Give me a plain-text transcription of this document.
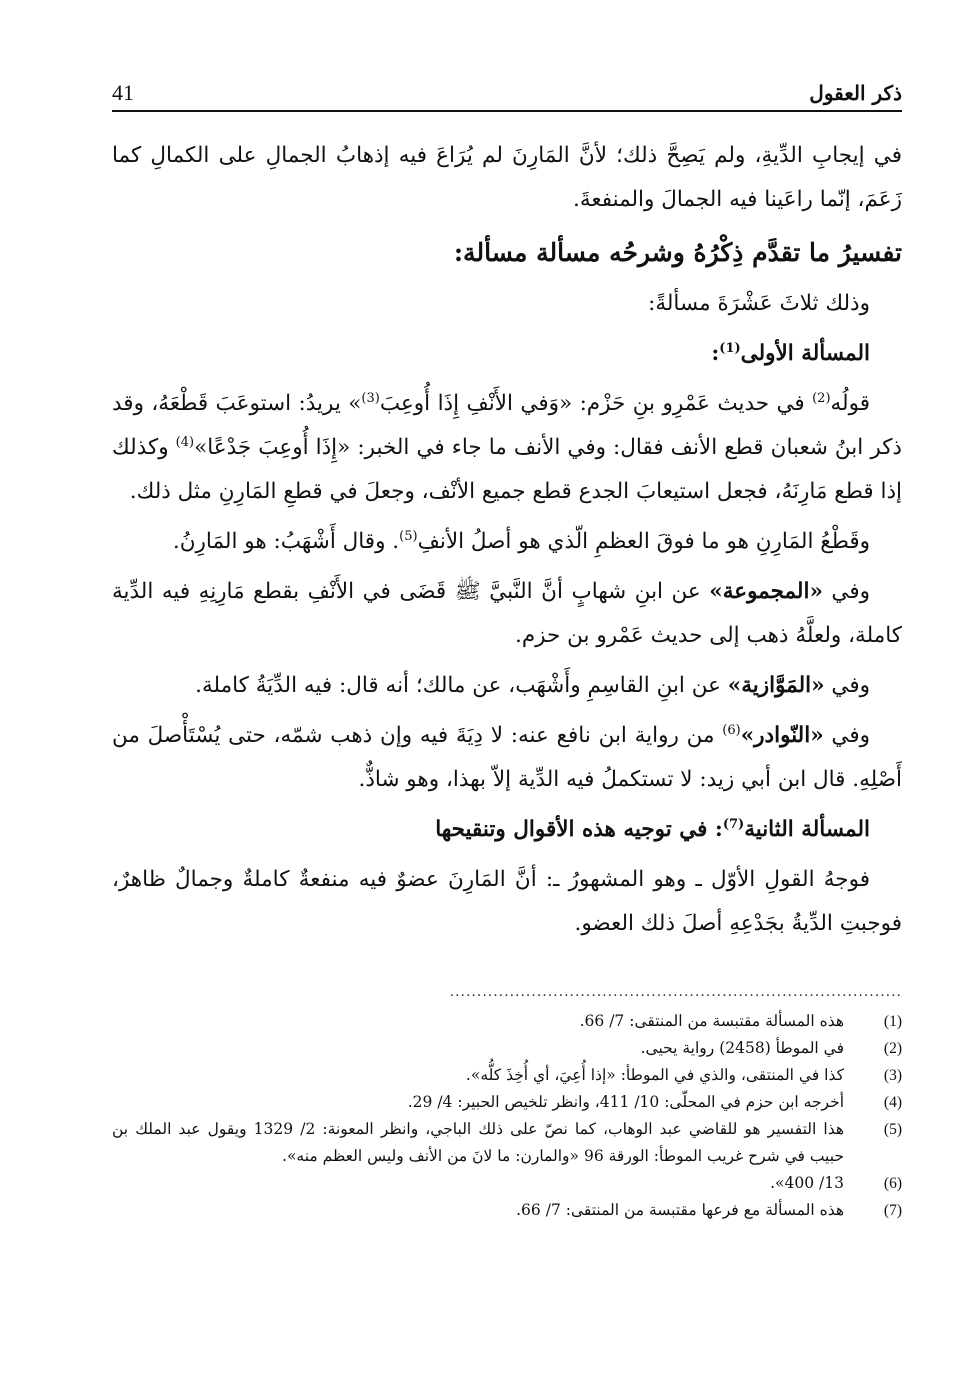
41	ذكر العقول

في إيجابِ الدِّيةِ، ولم يَصِحَّ ذلك؛ لأنَّ المَارِنَ لم يُرَاعَ فيه إذهابُ الجمالِ على الكمالِ كما زَعَمَ، إنّما راعَينا فيه الجمالَ والمنفعةَ.

تفسيرُ ما تقدَّم ذِكْرُهُ وشرحُه مسألة مسألة:

وذلك ثلاثَ عَشْرَةَ مسألةً:

المسألة الأولى$^{(1)}$:

قولُه$^{(2)}$ في حديث عَمْرِو بنِ حَزْم: «وَفي الأَنْفِ إِذَا أُوعِبَ$^{(3)}$» يريدُ: استوعَبَ قَطْعَهُ، وقد ذكر ابنُ شعبان قطع الأنف فقال: وفي الأنف ما جاء في الخبر: «إِذَا أُوعِبَ جَدْعًا»$^{(4)}$ وكذلك إذا قطع مَارِنَهُ، فجعل استيعابَ الجدع قطع جميع الأنْف، وجعلَ في قطعِ المَارِنِ مثل ذلك.

وقَطْعُ المَارِنِ هو ما فوقَ العظمِ الّذي هو أصلُ الأنفِ$^{(5)}$. وقال أَشْهَبُ: هو المَارِنُ.

وفي «المجموعة» عن ابنِ شهابٍ أنَّ النَّبيَّ ﷺ قَضَى في الأَنْفِ بقطع مَارِنِهِ فيه الدِّية كاملة، ولعلَّهُ ذهب إلى حديث عَمْرو بن حزم.

وفي «المَوَّازية» عن ابنِ القاسِمِ وأَشْهَب، عن مالك؛ أنه قال: فيه الدِّيَةُ كاملة.

وفي «النّوادر»$^{(6)}$ من رواية ابن نافع عنه: لا دِيَةَ فيه وإن ذهب شمّه، حتى يُسْتَأْصلَ من أَصْلِهِ. قال ابن أبي زيد: لا تستكملُ فيه الدِّية إلاّ بهذا، وهو شاذٌّ.

المسألة الثانية$^{(7)}$: في توجيه هذه الأقوال وتنقيحها

فوجهُ القولِ الأوّل ـ وهو المشهورُ ـ: أنَّ المَارِنَ عضوٌ فيه منفعةٌ كاملةٌ وجمالٌ ظاهرٌ، فوجبتِ الدِّيةُ بجَدْعِهِ أصلَ ذلك العضو.

...................................................................................
(1)
هذه المسألة مقتبسة من المنتقى: 7/ 66.
(2)
في الموطأ (2458) رواية يحيى.
(3)
كذا في المنتقى، والذي في الموطأ: «إذا أُعِيَ، أي أُخِذَ كلُّه».
(4)
أخرجه ابن حزم في المحلّى: 10/ 411، وانظر تلخيص الحبير: 4/ 29.
(5)
هذا التفسير هو للقاضي عبد الوهاب، كما نصّ على ذلك الباجي، وانظر المعونة: 2/ 1329 ويقول عبد الملك بن حبيب في شرح غريب الموطأ: الورقة 96 «والمارن: ما لانَ من الأنف وليس العظم منه».
(6)
13/ 400».
(7)
هذه المسألة مع فرعها مقتبسة من المنتقى: 7/ 66.
